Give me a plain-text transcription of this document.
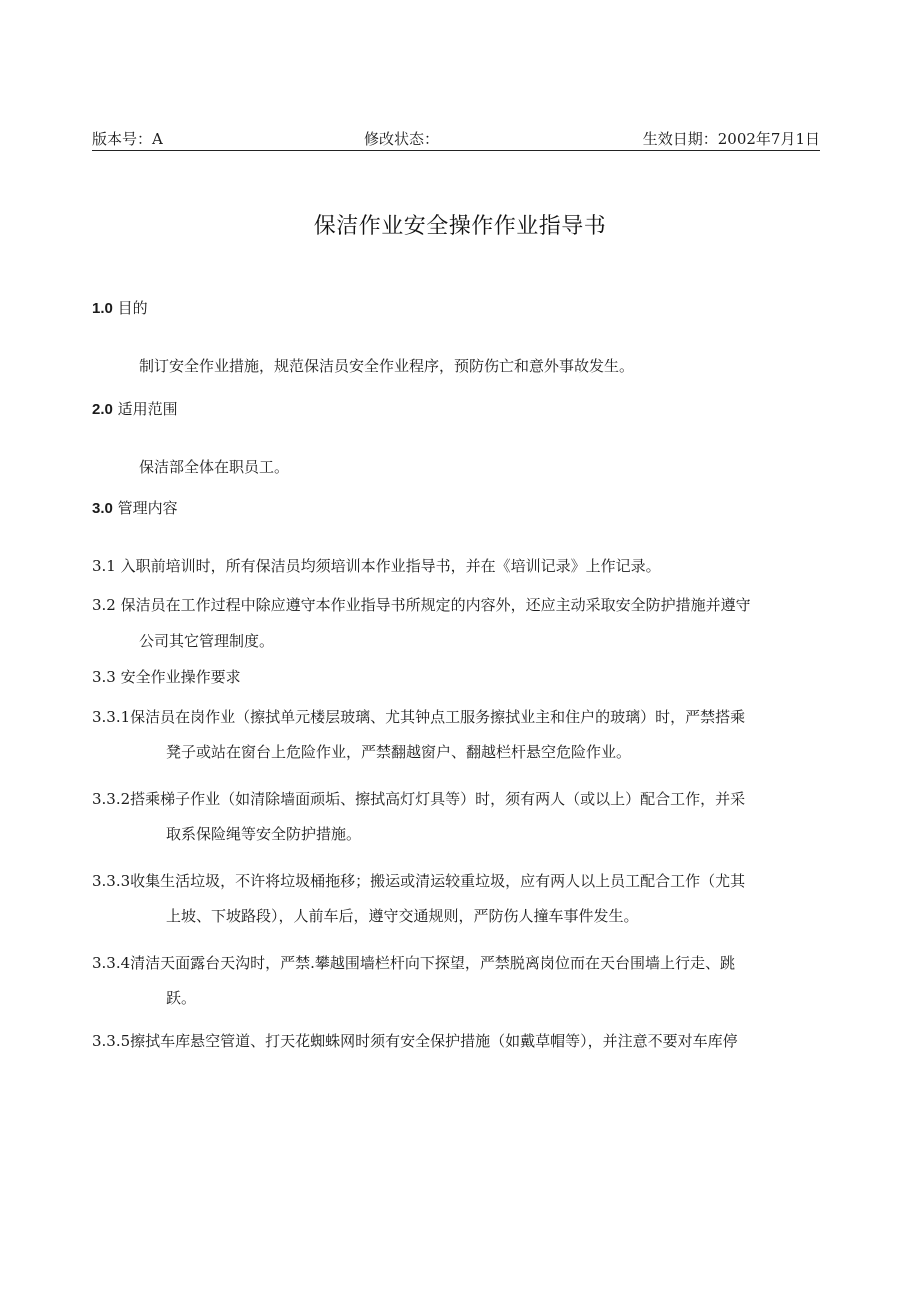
版本号：A	修改状态：	生效日期：2002年7月1日
保洁作业安全操作作业指导书
1.0 目的
制订安全作业措施，规范保洁员安全作业程序，预防伤亡和意外事故发生。
2.0 适用范围
保洁部全体在职员工。
3.0 管理内容
3.1 入职前培训时，所有保洁员均须培训本作业指导书，并在《培训记录》上作记录。
3.2 保洁员在工作过程中除应遵守本作业指导书所规定的内容外，还应主动采取安全防护措施并遵守
公司其它管理制度。
3.3 安全作业操作要求
3.3.1保洁员在岗作业（擦拭单元楼层玻璃、尤其钟点工服务擦拭业主和住户的玻璃）时，严禁搭乘
凳子或站在窗台上危险作业，严禁翻越窗户、翻越栏杆悬空危险作业。
3.3.2搭乘梯子作业（如清除墙面顽垢、擦拭高灯灯具等）时，须有两人（或以上）配合工作，并采
取系保险绳等安全防护措施。
3.3.3收集生活垃圾，不许将垃圾桶拖移；搬运或清运较重垃圾，应有两人以上员工配合工作（尤其
上坡、下坡路段），人前车后，遵守交通规则，严防伤人撞车事件发生。
3.3.4清洁天面露台天沟时，严禁.攀越围墙栏杆向下探望，严禁脱离岗位而在天台围墙上行走、跳
跃。
3.3.5擦拭车库悬空管道、打天花蜘蛛网时须有安全保护措施（如戴草帽等），并注意不要对车库停
